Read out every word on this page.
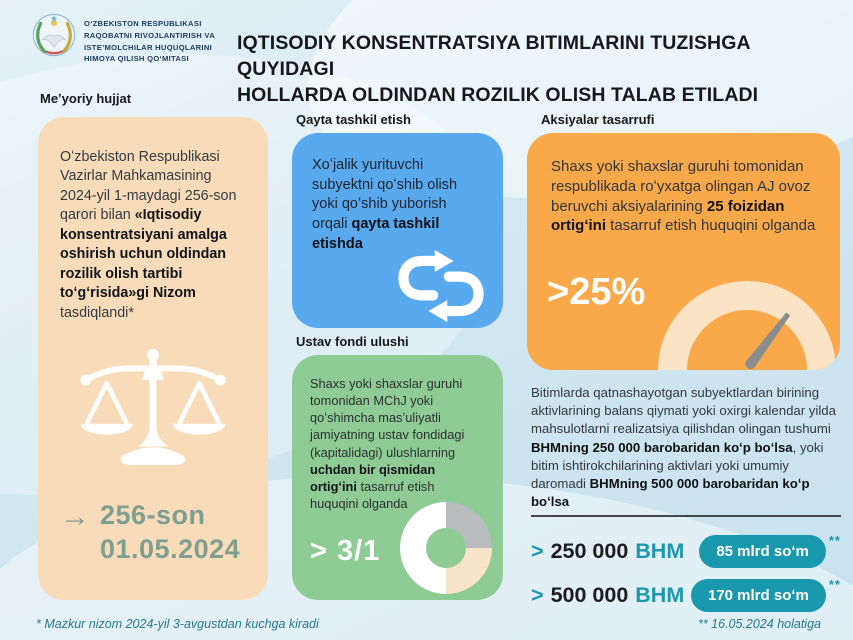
OʻZBEKISTON RESPUBLIKASI
RAQOBATNI RIVOJLANTIRISH VA
ISTE’MOLCHILAR HUQUQLARINI
HIMOYA QILISH QOʻMITASI
IQTISODIY KONSENTRATSIYA BITIMLARINI TUZISHGA QUYIDAGI
HOLLARDA OLDINDAN ROZILIK OLISH TALAB ETILADI
Meʼyoriy hujjat
Qayta tashkil etish
Ustav fondi ulushi
Aksiyalar tasarrufi

Oʻzbekiston Respublikasi Vazirlar Mahkamasining 2024-yil 1-maydagi 256-son qarori bilan «Iqtisodiy konsentratsiyani amalga oshirish uchun oldindan rozilik olish tartibi toʻgʻrisida»gi Nizom tasdiqlandi*

→ 256-son
01.05.2024

Xoʻjalik yurituvchi subyektni qoʻshib olish yoki qoʻshib yuborish orqali qayta tashkil etishda

Shaxs yoki shaxslar guruhi tomonidan MChJ yoki qoʻshimcha masʼuliyatli jamiyatning ustav fondidagi (kapitalidagi) ulushlarning uchdan bir qismidan ortigʻini tasarruf etish huquqini olganda

> 3/1

Shaxs yoki shaxslar guruhi tomonidan respublikada roʻyxatga olingan AJ ovoz beruvchi aksiyalarining 25 foizidan ortigʻini tasarruf etish huquqini olganda

>25%

Bitimlarda qatnashayotgan subyektlardan birining aktivlarining balans qiymati yoki oxirgi kalendar yilda mahsulotlarni realizatsiya qilishdan olingan tushumi BHMning 250 000 barobaridan koʻp boʻlsa, yoki bitim ishtirokchilarining aktivlari yoki umumiy daromadi BHMning 500 000 barobaridan koʻp boʻlsa

> 250 000 BHM	85 mlrd soʻm
**
> 500 000 BHM	170 mlrd soʻm
**
* Mazkur nizom 2024-yil 3-avgustdan kuchga kiradi	** 16.05.2024 holatiga
